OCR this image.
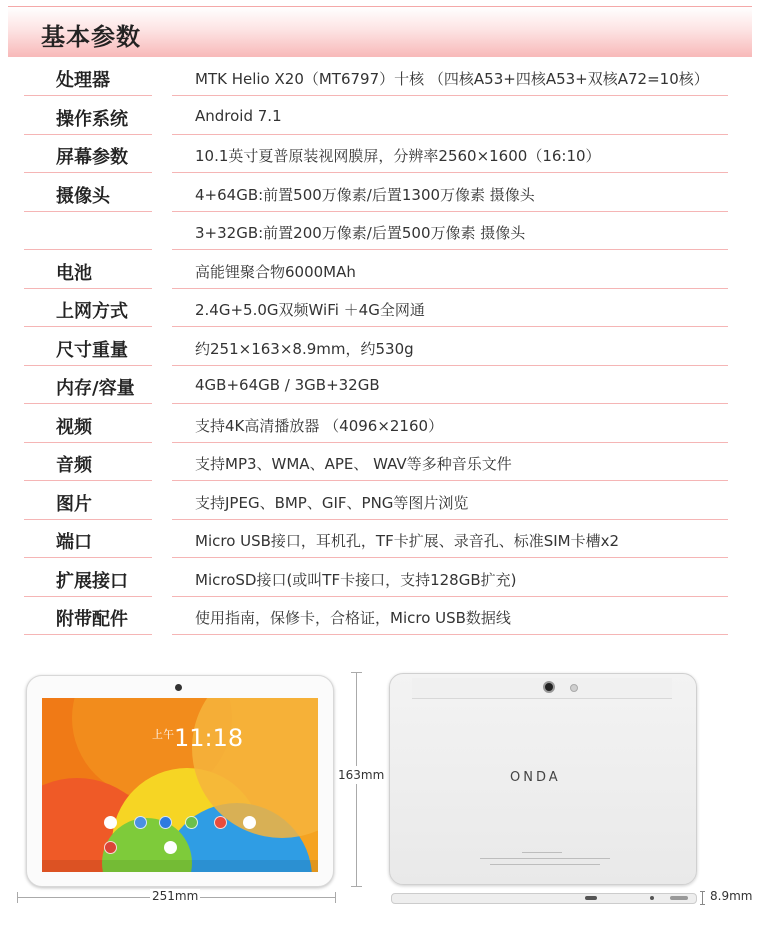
基本参数
处理器	MTK Helio X20（MT6797）十核 （四核A53+四核A53+双核A72=10核）
操作系统	Android 7.1
屏幕参数	10.1英寸夏普原装视网膜屏，分辨率2560×1600（16:10）
摄像头	4+64GB:前置500万像素/后置1300万像素 摄像头
3+32GB:前置200万像素/后置500万像素 摄像头
电池	高能锂聚合物6000MAh
上网方式	2.4G+5.0G双频WiFi ＋4G全网通
尺寸重量	约251×163×8.9mm，约530g
内存/容量	4GB+64GB / 3GB+32GB
视频	支持4K高清播放器 （4096×2160）
音频	支持MP3、WMA、APE、 WAV等多种音乐文件
图片	支持JPEG、BMP、GIF、PNG等图片浏览
端口	Micro USB接口，耳机孔，TF卡扩展、录音孔、标准SIM卡槽x2
扩展接口	MicroSD接口(或叫TF卡接口，支持128GB扩充)
附带配件	使用指南，保修卡，合格证，Micro USB数据线
$^{上午}$11:18
163mm
251mm
ONDA
8.9mm
